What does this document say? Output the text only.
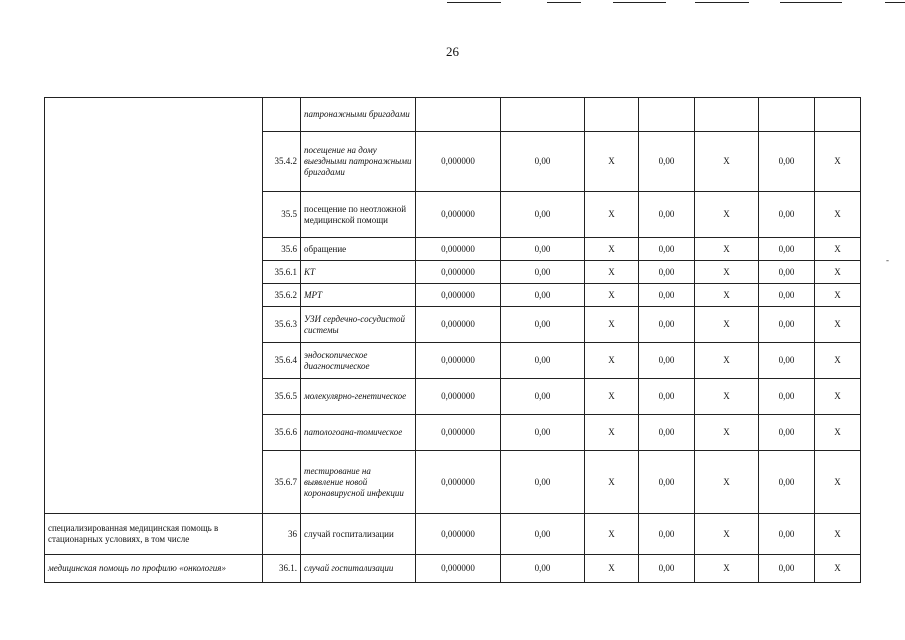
26
‐
		патронажными бригадами							
	35.4.2	посещение на дому выездными патронажными бригадами	0,000000	0,00	X	0,00	X	0,00	X
	35.5	посещение по неотложной медицинской помощи	0,000000	0,00	X	0,00	X	0,00	X
	35.6	обращение	0,000000	0,00	X	0,00	X	0,00	X
	35.6.1	КТ	0,000000	0,00	X	0,00	X	0,00	X
	35.6.2	МРТ	0,000000	0,00	X	0,00	X	0,00	X
	35.6.3	УЗИ сердечно-сосудистой системы	0,000000	0,00	X	0,00	X	0,00	X
	35.6.4	эндоскопическое диагностическое	0,000000	0,00	X	0,00	X	0,00	X
	35.6.5	молекулярно-генетическое	0,000000	0,00	X	0,00	X	0,00	X
	35.6.6	патологоана-томическое	0,000000	0,00	X	0,00	X	0,00	X
	35.6.7	тестирование на выявление новой коронавирусной инфекции	0,000000	0,00	X	0,00	X	0,00	X
специализированная медицинская помощь в стационарных условиях, в том числе	36	случай госпитализации	0,000000	0,00	X	0,00	X	0,00	X
медицинская помощь по профилю «онкология»	36.1.	случай госпитализации	0,000000	0,00	X	0,00	X	0,00	X
